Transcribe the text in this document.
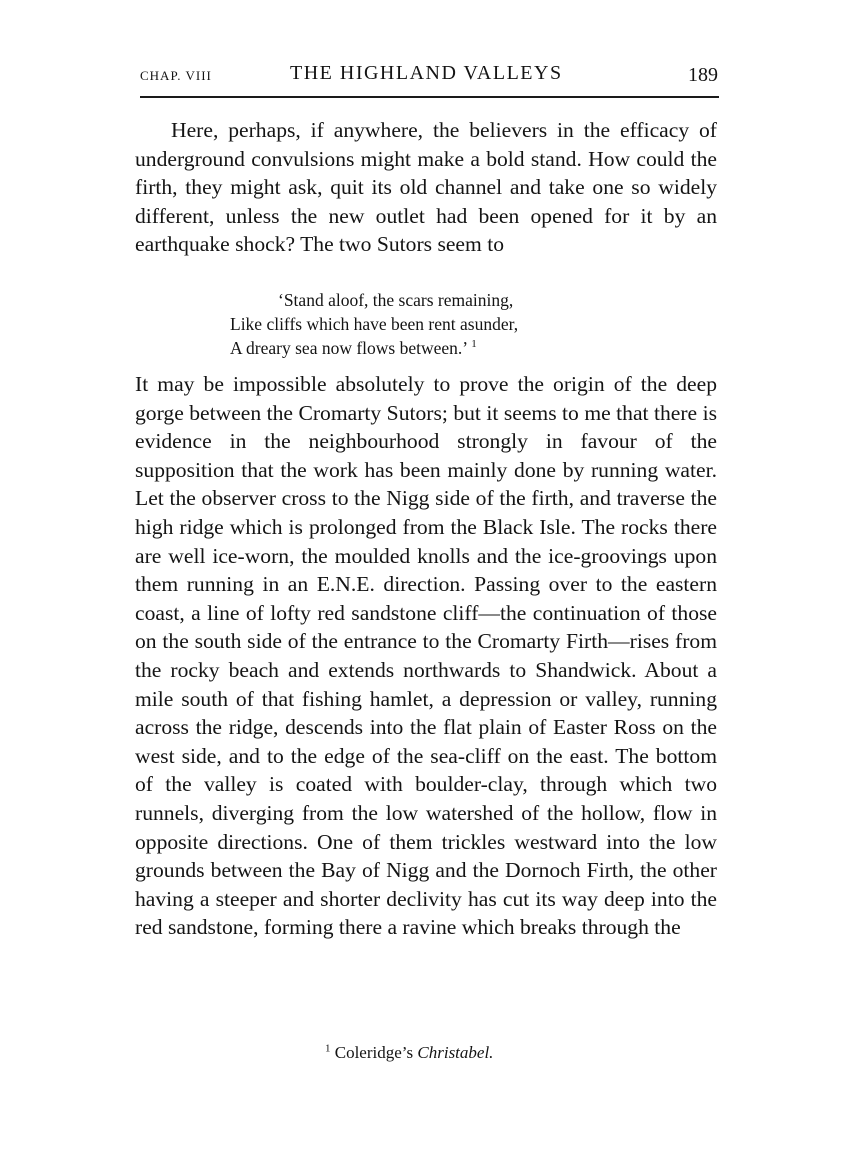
CHAP. VIII	THE HIGHLAND VALLEYS	189

Here, perhaps, if anywhere, the believers in the efficacy of underground convulsions might make a bold stand. How could the firth, they might ask, quit its old channel and take one so widely different, unless the new outlet had been opened for it by an earthquake shock? The two Sutors seem to

‘Stand aloof, the scars remaining,
Like cliffs which have been rent asunder,
A dreary sea now flows between.’ $^1$

It may be impossible absolutely to prove the origin of the deep gorge between the Cromarty Sutors; but it seems to me that there is evidence in the neighbourhood strongly in favour of the supposition that the work has been mainly done by running water. Let the observer cross to the Nigg side of the firth, and traverse the high ridge which is prolonged from the Black Isle. The rocks there are well ice-worn, the moulded knolls and the ice-groovings upon them running in an E.N.E. direction. Passing over to the eastern coast, a line of lofty red sandstone cliff—the continuation of those on the south side of the entrance to the Cromarty Firth—rises from the rocky beach and extends northwards to Shandwick. About a mile south of that fishing hamlet, a depression or valley, running across the ridge, descends into the flat plain of Easter Ross on the west side, and to the edge of the sea-cliff on the east. The bottom of the valley is coated with boulder-clay, through which two runnels, diverging from the low watershed of the hollow, flow in opposite directions. One of them trickles westward into the low grounds between the Bay of Nigg and the Dornoch Firth, the other having a steeper and shorter declivity has cut its way deep into the red sandstone, forming there a ravine which breaks through the

$^1$ Coleridge’s Christabel.
